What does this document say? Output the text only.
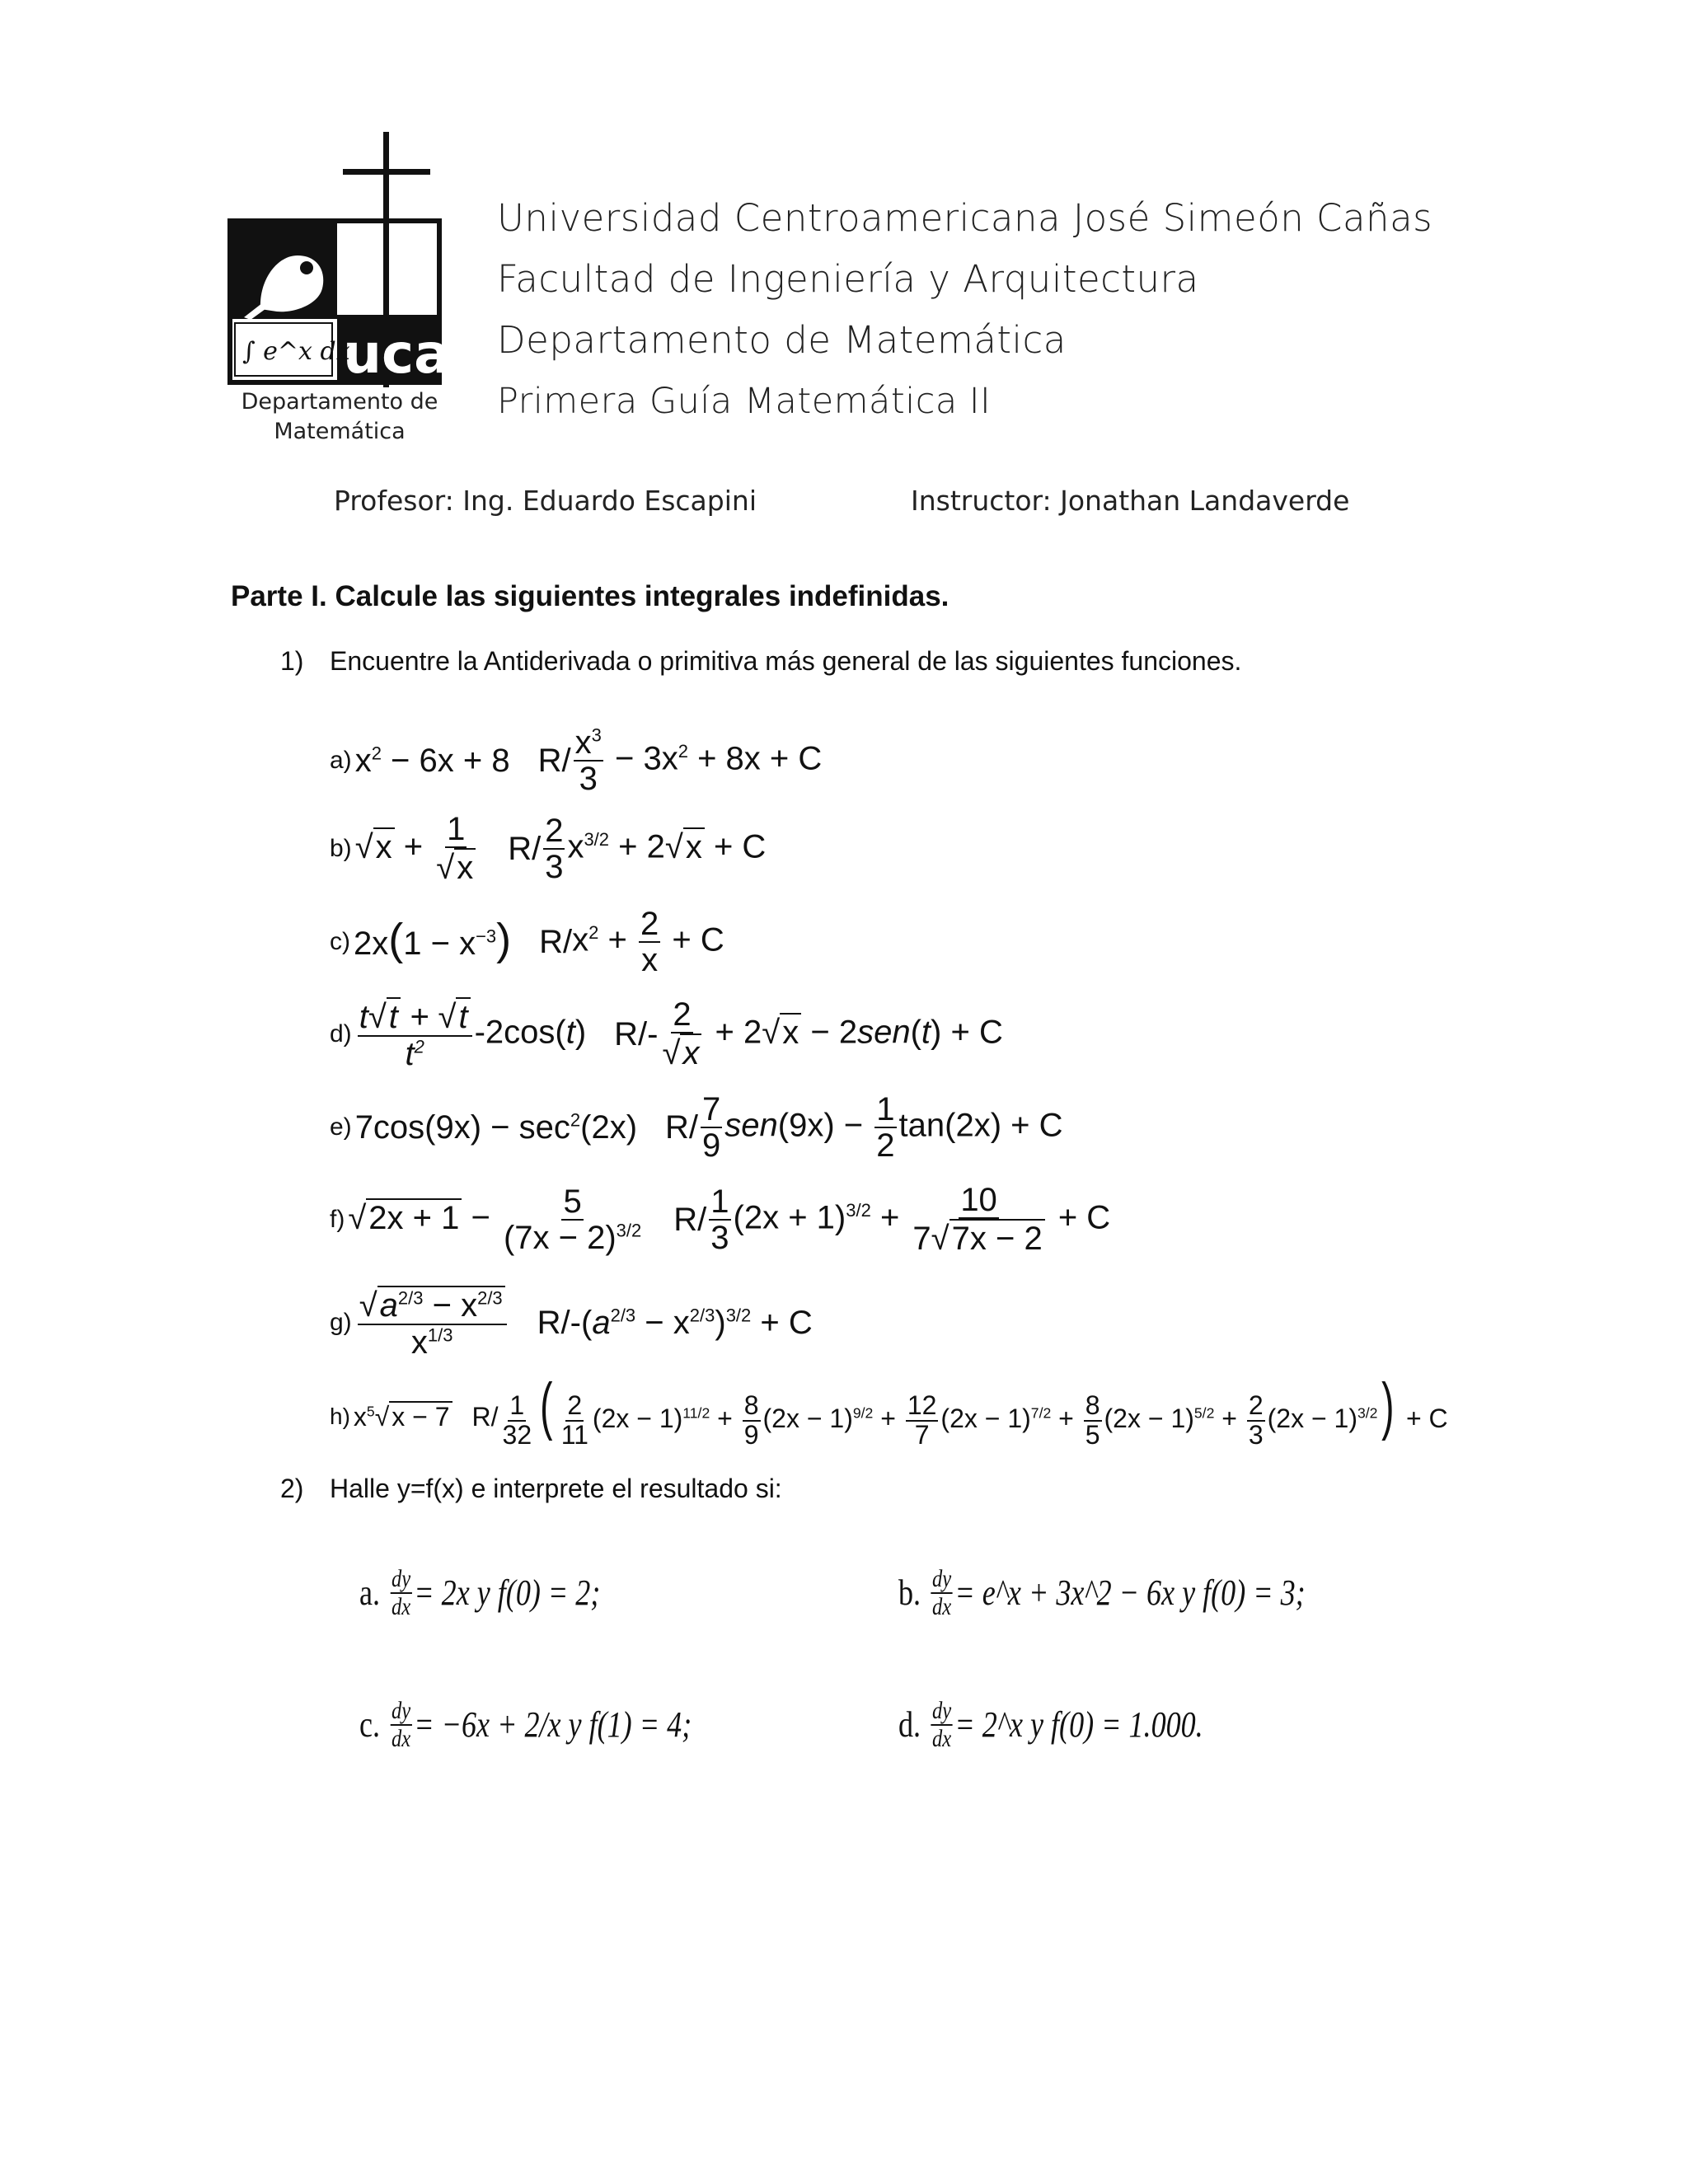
uca
∫ e^x dx
Departamento de
Matemática
Universidad Centroamericana José Simeón Cañas
Facultad de Ingeniería y Arquitectura
Departamento de Matemática
Primera Guía Matemática II
Profesor: Ing. Eduardo Escapini	Instructor: Jonathan Landaverde
Parte I. Calcule las siguientes integrales indefinidas.
1) Encuentre la Antiderivada o primitiva más general de las siguientes funciones.
a) $x^2 - 6x + 8$ $R/ \frac{x^3}{3} - 3x^2 + 8x + C$
b) $√x + \frac{1}{√x} R/ \frac{2}{3} x^{3/2} + 2√x + C$
c) $2x(1 - x^{-3})$ R/ $x^2 + \frac{2}{x} + C$
$d) \frac{t√t + √t}{t^2} -2\cos(t)$ $R/- \frac{2}{√x} + 2√x - 2sen(t) + C$
e) $7\cos(9x) - \sec^2(2x)$ $R/ \frac{7}{9} sen(9x) - \frac{1}{2} \tan(2x) + C$
f) $√2x + 1 - \frac{5}{(7x - 2)^{3/2}} R/ \frac{1}{3} (2x + 1)^{3/2} + \frac{10}{7√7x - 2} + C$
$g) \frac{√a^{2/3} - x^{2/3}}{x^{1/3}} R/-$ $(a^{2/3} - x^{2/3})^{3/2} + C$
h) $x^5√x - 7$ $R/ \frac{1}{32}$ ( $\frac{2}{11} (2x - 1)^{11/2} + \frac{8}{9} (2x - 1)^{9/2} + \frac{12}{7} (2x - 1)^{7/2} + \frac{8}{5} (2x - 1)^{5/2} + \frac{2}{3} (2x - 1)^{3/2}) + C$
2) Halle y=f(x) e interprete el resultado si:
a. $\frac{dy}{dx} = 2x$ y f(0) = 2;	b. $\frac{dy}{dx}$ = e^x + 3x^2 − 6x y f(0) = 3;
c. $\frac{dy}{dx} = -6x + 2/x$ y f(1) = 4;	d. $\frac{dy}{dx}$ = 2^x y f(0) = 1.000.
